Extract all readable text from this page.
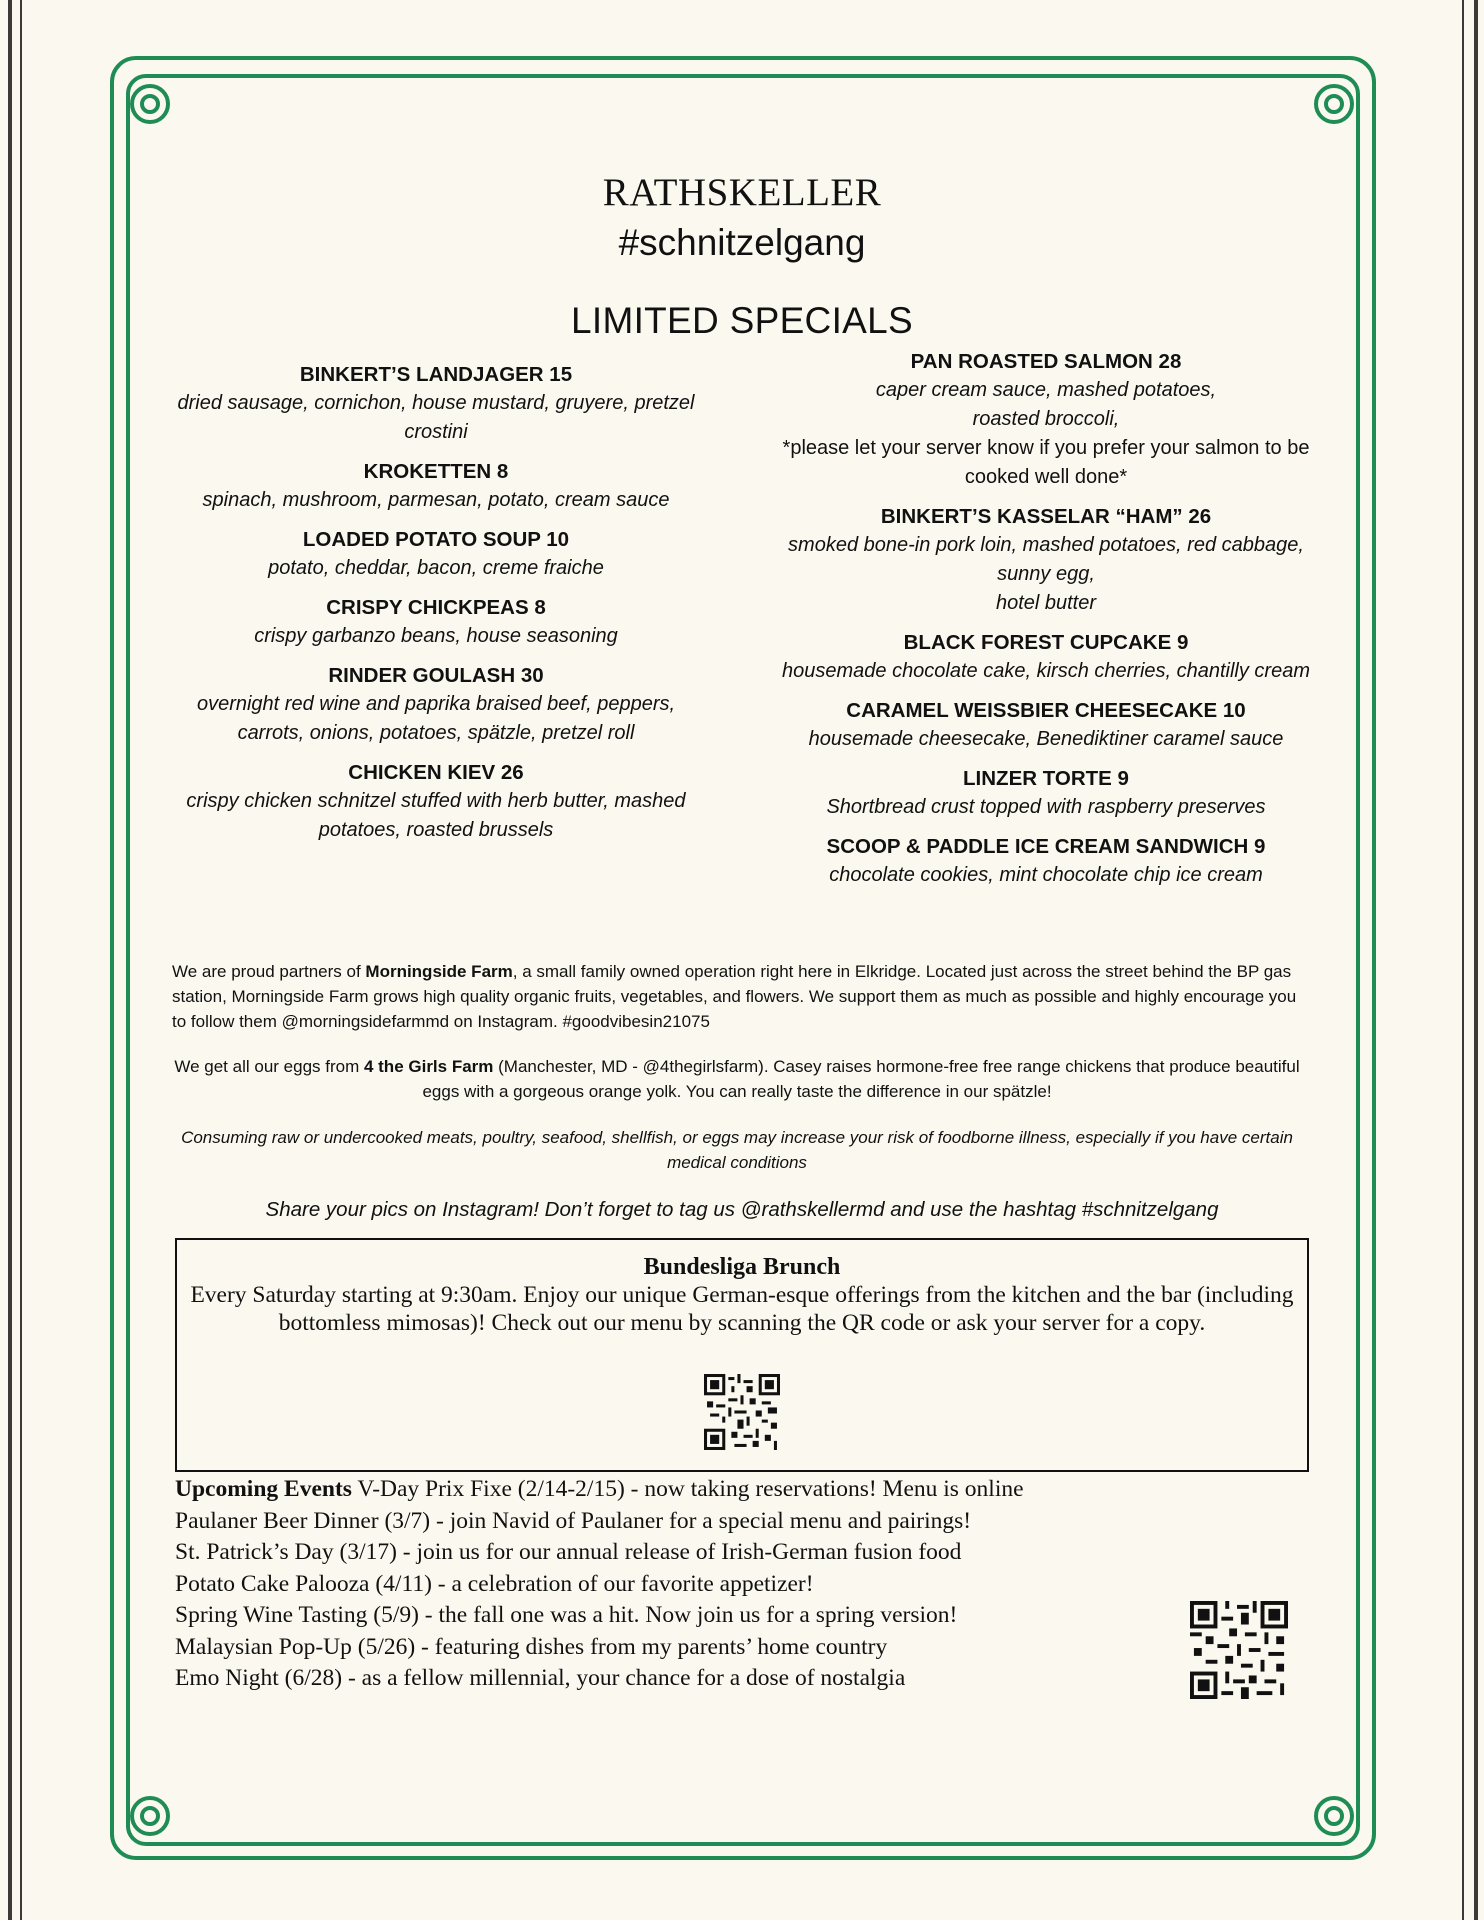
RATHSKELLER
#schnitzelgang
LIMITED SPECIALS
BINKERT’S LANDJAGER 15
dried sausage, cornichon, house mustard, gruyere, pretzel crostini
KROKETTEN 8
spinach, mushroom, parmesan, potato, cream sauce
LOADED POTATO SOUP 10
potato, cheddar, bacon, creme fraiche
CRISPY CHICKPEAS 8
crispy garbanzo beans, house seasoning
RINDER GOULASH 30
overnight red wine and paprika braised beef, peppers, carrots, onions, potatoes, spätzle, pretzel roll
CHICKEN KIEV 26
crispy chicken schnitzel stuffed with herb butter, mashed potatoes, roasted brussels
PAN ROASTED SALMON 28
caper cream sauce, mashed potatoes,
roasted broccoli,
*please let your server know if you prefer your salmon to be cooked well done*
BINKERT’S KASSELAR “HAM” 26
smoked bone-in pork loin, mashed potatoes, red cabbage, sunny egg,
hotel butter
BLACK FOREST CUPCAKE 9
housemade chocolate cake, kirsch cherries, chantilly cream
CARAMEL WEISSBIER CHEESECAKE 10
housemade cheesecake, Benediktiner caramel sauce
LINZER TORTE 9
Shortbread crust topped with raspberry preserves
SCOOP & PADDLE ICE CREAM SANDWICH 9
chocolate cookies, mint chocolate chip ice cream
We are proud partners of Morningside Farm, a small family owned operation right here in Elkridge. Located just across the street behind the BP gas station, Morningside Farm grows high quality organic fruits, vegetables, and flowers. We support them as much as possible and highly encourage you to follow them @morningsidefarmmd on Instagram. #goodvibesin21075
We get all our eggs from 4 the Girls Farm (Manchester, MD - @4thegirlsfarm). Casey raises hormone-free free range chickens that produce beautiful eggs with a gorgeous orange yolk. You can really taste the difference in our spätzle!
Consuming raw or undercooked meats, poultry, seafood, shellfish, or eggs may increase your risk of foodborne illness, especially if you have certain medical conditions
Share your pics on Instagram! Don’t forget to tag us @rathskellermd and use the hashtag #schnitzelgang
Bundesliga Brunch
Every Saturday starting at 9:30am. Enjoy our unique German-esque offerings from the kitchen and the bar (including bottomless mimosas)! Check out our menu by scanning the QR code or ask your server for a copy.
Upcoming Events V-Day Prix Fixe (2/14-2/15) - now taking reservations! Menu is online
Paulaner Beer Dinner (3/7) - join Navid of Paulaner for a special menu and pairings!
St. Patrick’s Day (3/17) - join us for our annual release of Irish-German fusion food
Potato Cake Palooza (4/11) - a celebration of our favorite appetizer!
Spring Wine Tasting (5/9) - the fall one was a hit. Now join us for a spring version!
Malaysian Pop-Up (5/26) - featuring dishes from my parents’ home country
Emo Night (6/28) - as a fellow millennial, your chance for a dose of nostalgia
